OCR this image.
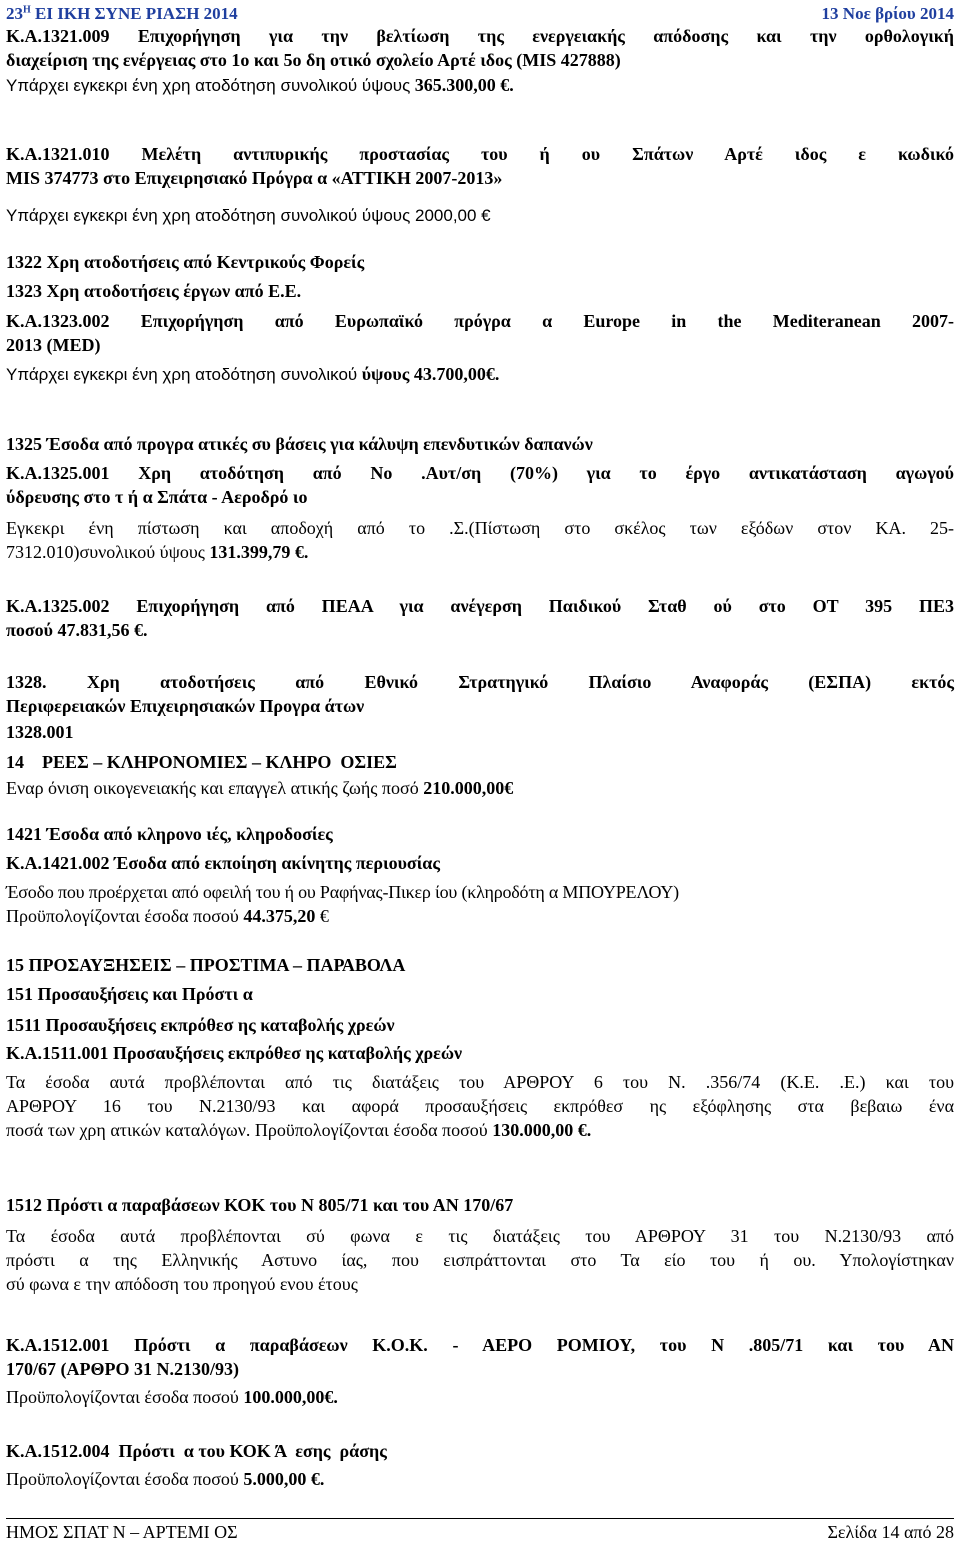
$23^H$ ΕΙ ΙΚΗ ΣΥΝΕ ΡΙΑΣΗ 2014	13 Νοε βρίου 2014
Κ.Α.1321.009 Επιχορήγηση για την βελτίωση της ενεργειακής απόδοσης και την ορθολογική
διαχείριση της ενέργειας στο 1ο και 5ο δη οτικό σχολείο Αρτέ ιδος (MIS 427888)
Υπάρχει εγκεκρι ένη χρη ατοδότηση συνολικού ύψους 365.300,00 €.
Κ.Α.1321.010 Μελέτη αντιπυρικής προστασίας του ή ου Σπάτων Αρτέ ιδος ε κωδικό
MIS 374773 στο Επιχειρησιακό Πρόγρα α «ΑΤΤΙΚΗ 2007-2013»
Υπάρχει εγκεκρι ένη χρη ατοδότηση συνολικού ύψους 2000,00 €
1322 Χρη ατοδοτήσεις από Κεντρικούς Φορείς
1323 Χρη ατοδοτήσεις έργων από Ε.Ε.
Κ.Α.1323.002 Επιχορήγηση από Ευρωπαϊκό πρόγρα α Europe in the Mediteranean 2007-
2013 (MED)
Υπάρχει εγκεκρι ένη χρη ατοδότηση συνολικού ύψους 43.700,00€.
1325 Έσοδα από προγρα ατικές συ βάσεις για κάλυψη επενδυτικών δαπανών
Κ.Α.1325.001 Χρη ατοδότηση από Νο .Αυτ/ση (70%) για το έργο αντικατάσταση αγωγού
ύδρευσης στο τ ή α Σπάτα - Αεροδρό ιο
Εγκεκρι ένη πίστωση και αποδοχή από το .Σ.(Πίστωση στο σκέλος των εξόδων στον ΚΑ. 25-
7312.010)συνολικού ύψους 131.399,79 €.
Κ.Α.1325.002 Επιχορήγηση από ΠΕΑΑ για ανέγερση Παιδικού Σταθ ού στο ΟΤ 395 ΠΕ3
ποσού 47.831,56 €.
1328. Χρη ατοδοτήσεις από Εθνικό Στρατηγικό Πλαίσιο Αναφοράς (ΕΣΠΑ) εκτός
Περιφερειακών Επιχειρησιακών Προγρα άτων
1328.001
14    ΡΕΕΣ – ΚΛΗΡΟΝΟΜΙΕΣ – ΚΛΗΡΟ  ΟΣΙΕΣ
Εναρ όνιση οικογενειακής και επαγγελ ατικής ζωής ποσό 210.000,00€
1421 Έσοδα από κληρονο ιές, κληροδοσίες
Κ.Α.1421.002 Έσοδα από εκποίηση ακίνητης περιουσίας
Έσοδο που προέρχεται από οφειλή του ή ου Ραφήνας-Πικερ ίου (κληροδότη α ΜΠΟΥΡΕΛΟΥ)
Προϋπολογίζονται έσοδα ποσού 44.375,20 €
15 ΠΡΟΣΑΥΞΗΣΕΙΣ – ΠΡΟΣΤΙΜΑ – ΠΑΡΑΒΟΛΑ
151 Προσαυξήσεις και Πρόστι α
1511 Προσαυξήσεις εκπρόθεσ ης καταβολής χρεών
Κ.Α.1511.001 Προσαυξήσεις εκπρόθεσ ης καταβολής χρεών
Τα έσοδα αυτά προβλέπονται από τις διατάξεις του ΑΡΘΡΟΥ 6 του Ν. .356/74 (Κ.Ε. .Ε.) και του
ΑΡΘΡΟΥ 16 του Ν.2130/93 και αφορά προσαυξήσεις εκπρόθεσ ης εξόφλησης στα βεβαιω ένα
ποσά των χρη ατικών καταλόγων. Προϋπολογίζονται έσοδα ποσού 130.000,00 €.
1512 Πρόστι α παραβάσεων ΚΟΚ του Ν 805/71 και του ΑΝ 170/67
Τα έσοδα αυτά προβλέπονται σύ φωνα ε τις διατάξεις του ΑΡΘΡΟΥ 31 του Ν.2130/93 από
πρόστι α της Ελληνικής Αστυνο ίας, που εισπράττονται στο Τα είο του ή ου. Υπολογίστηκαν
σύ φωνα ε την απόδοση του προηγού ενου έτους
Κ.Α.1512.001 Πρόστι α παραβάσεων Κ.Ο.Κ. - ΑΕΡΟ ΡΟΜΙΟΥ, του Ν .805/71 και του ΑΝ
170/67 (ΑΡΘΡΟ 31 Ν.2130/93)
Προϋπολογίζονται έσοδα ποσού 100.000,00€.
Κ.Α.1512.004  Πρόστι  α του ΚΟΚ Ά  εσης  ράσης
Προϋπολογίζονται έσοδα ποσού 5.000,00 €.
ΗΜΟΣ ΣΠΑΤ Ν – ΑΡΤΕΜΙ ΟΣ	Σελίδα 14 από 28
